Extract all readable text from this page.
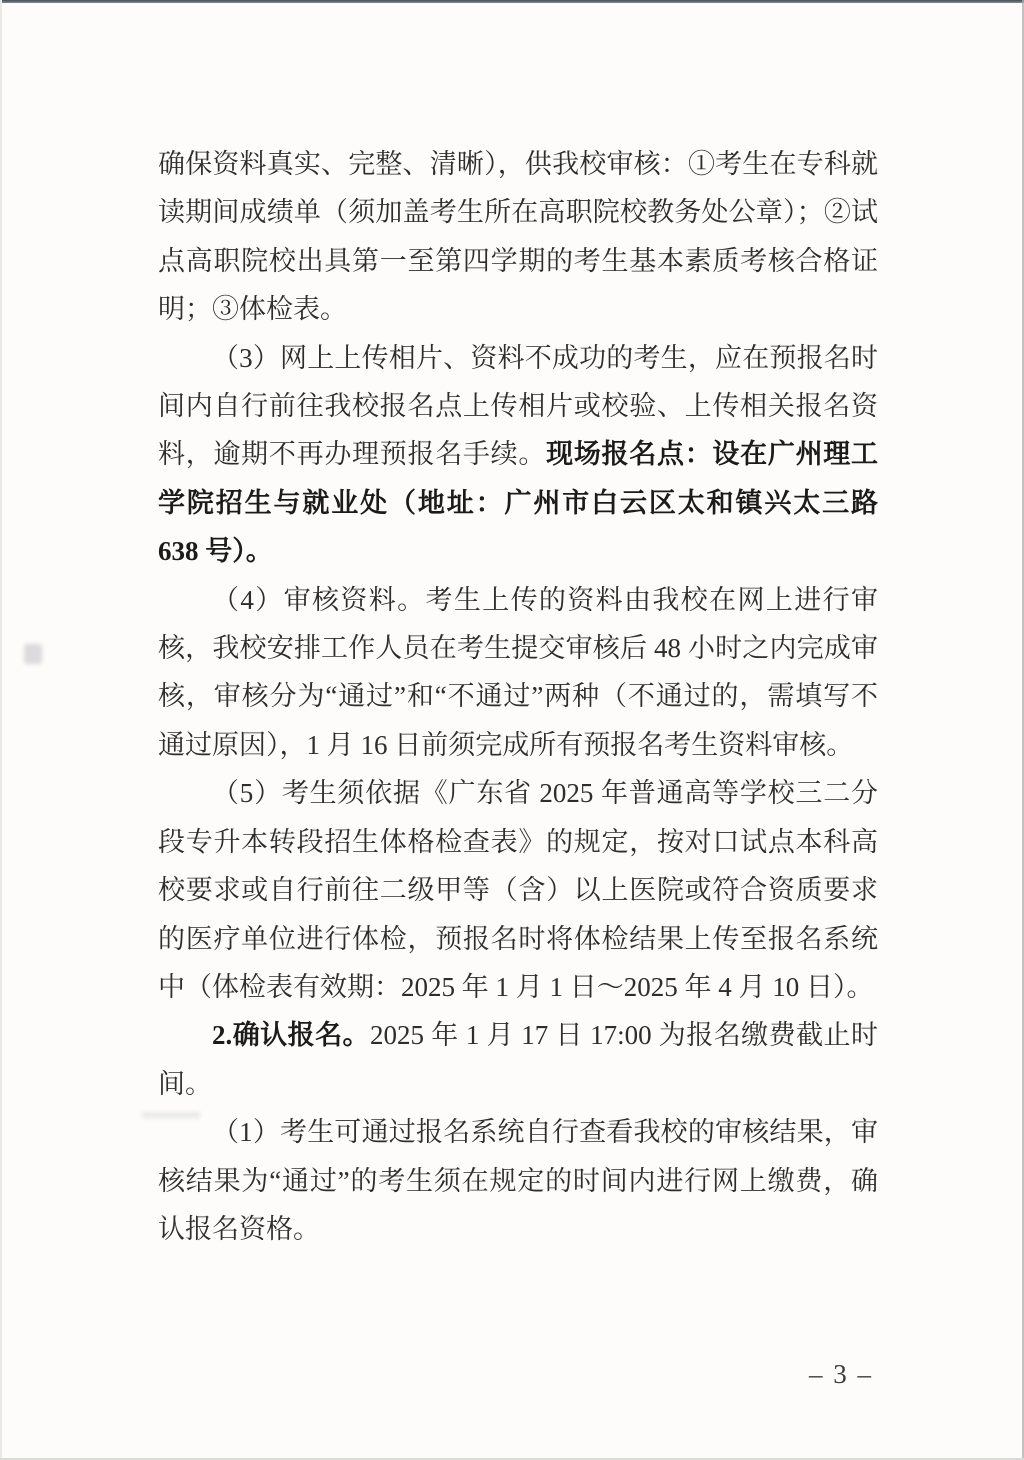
确保资料真实、完整、清晰），供我校审核：①考生在专科就读期间成绩单（须加盖考生所在高职院校教务处公章）；②试点高职院校出具第一至第四学期的考生基本素质考核合格证明；③体检表。

（3）网上上传相片、资料不成功的考生，应在预报名时间内自行前往我校报名点上传相片或校验、上传相关报名资料，逾期不再办理预报名手续。现场报名点：设在广州理工学院招生与就业处（地址：广州市白云区太和镇兴太三路 638 号）。

（4）审核资料。考生上传的资料由我校在网上进行审核，我校安排工作人员在考生提交审核后 48 小时之内完成审核，审核分为“通过”和“不通过”两种（不通过的，需填写不通过原因），1 月 16 日前须完成所有预报名考生资料审核。

（5）考生须依据《广东省 2025 年普通高等学校三二分段专升本转段招生体格检查表》的规定，按对口试点本科高校要求或自行前往二级甲等（含）以上医院或符合资质要求的医疗单位进行体检，预报名时将体检结果上传至报名系统中（体检表有效期：2025 年 1 月 1 日～2025 年 4 月 10 日）。

2.确认报名。2025 年 1 月 17 日 17:00 为报名缴费截止时间。

（1）考生可通过报名系统自行查看我校的审核结果，审核结果为“通过”的考生须在规定的时间内进行网上缴费，确认报名资格。

– 3 –
